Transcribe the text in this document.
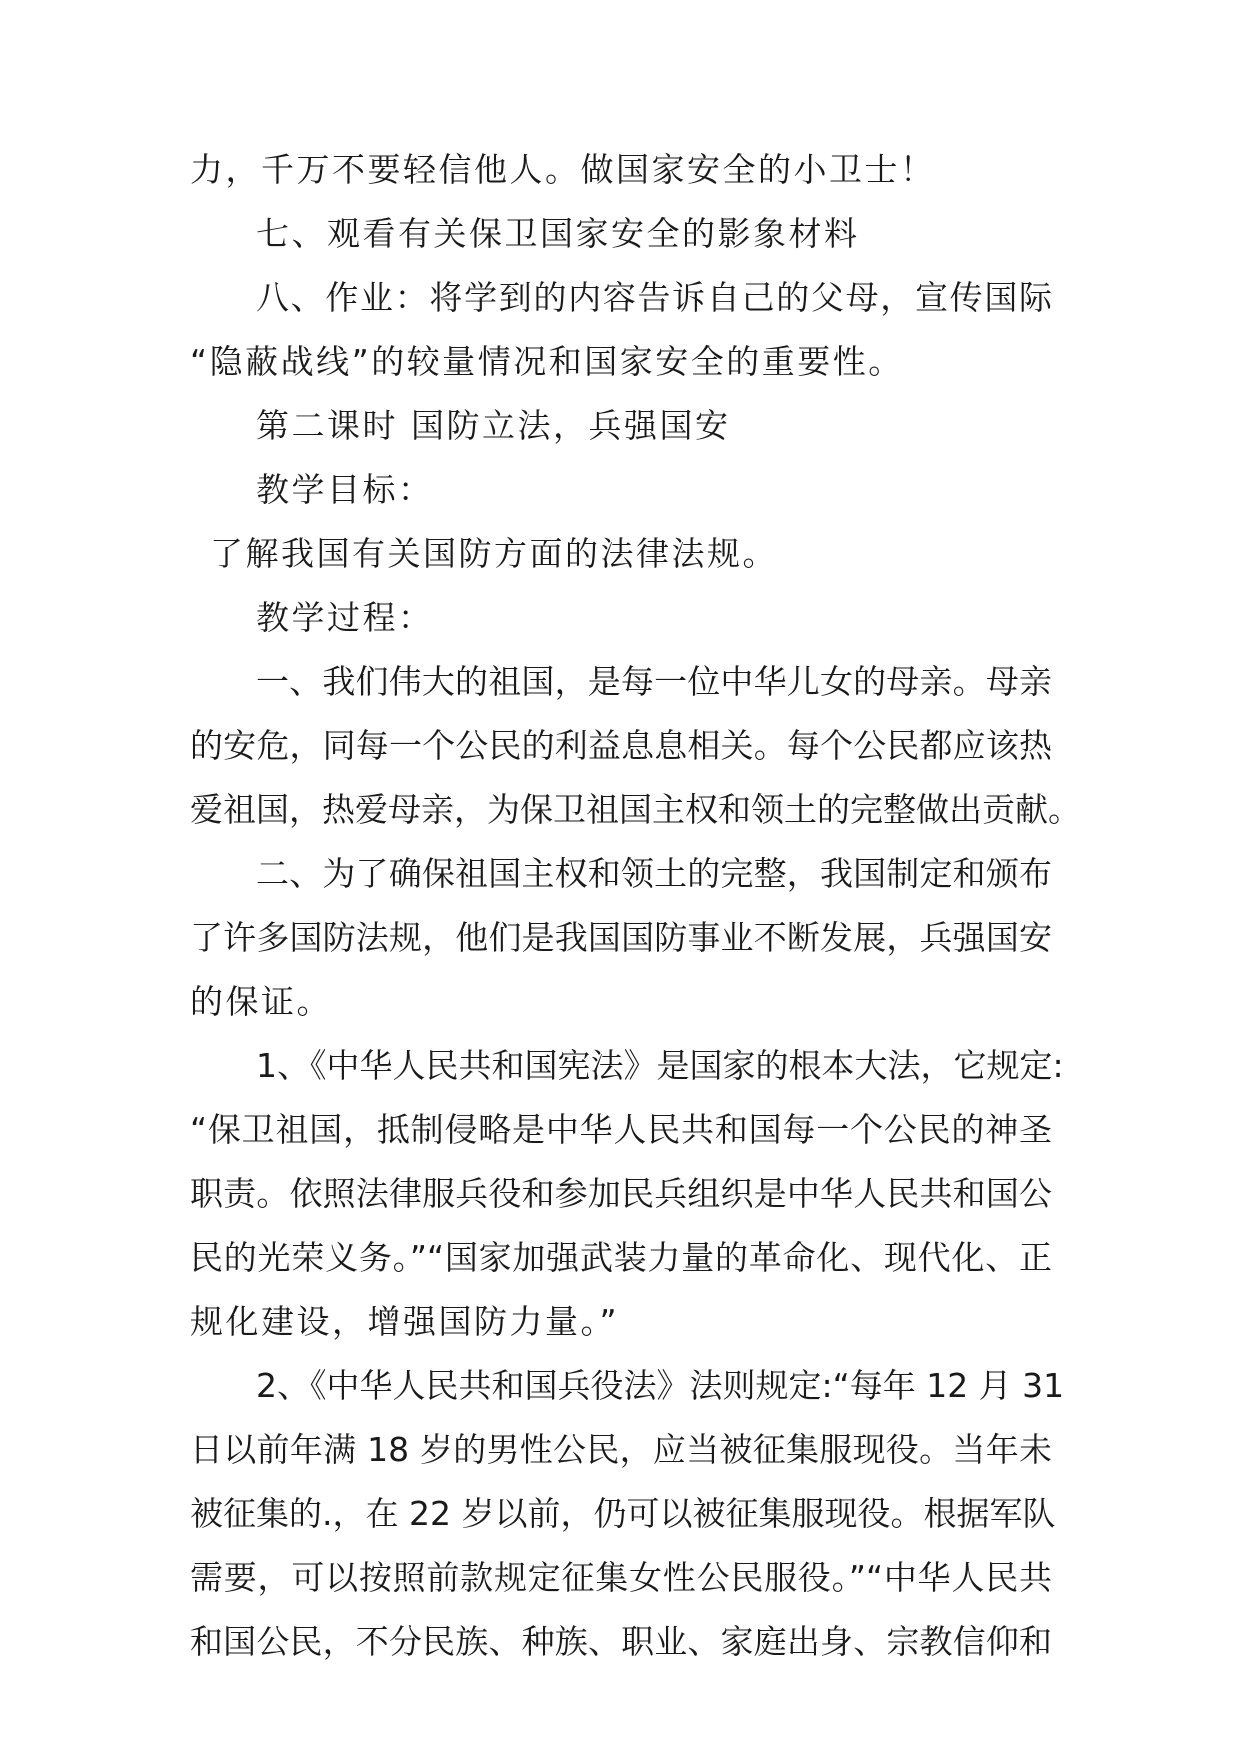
力，千万不要轻信他人。做国家安全的小卫士！
七、观看有关保卫国家安全的影象材料
八、作业：将学到的内容告诉自己的父母，宣传国际
“隐蔽战线”的较量情况和国家安全的重要性。
第二课时 国防立法，兵强国安
教学目标：
了解我国有关国防方面的法律法规。
教学过程：
一、我们伟大的祖国，是每一位中华儿女的母亲。母亲
的安危，同每一个公民的利益息息相关。每个公民都应该热
爱祖国，热爱母亲，为保卫祖国主权和领土的完整做出贡献。
二、为了确保祖国主权和领土的完整，我国制定和颁布
了许多国防法规，他们是我国国防事业不断发展，兵强国安
的保证。
1、《中华人民共和国宪法》是国家的根本大法，它规定:
“保卫祖国，抵制侵略是中华人民共和国每一个公民的神圣
职责。依照法律服兵役和参加民兵组织是中华人民共和国公
民的光荣义务。”“国家加强武装力量的革命化、现代化、正
规化建设，增强国防力量。”
2、《中华人民共和国兵役法》法则规定:“每年 12 月 31
日以前年满 18 岁的男性公民，应当被征集服现役。当年未
被征集的.，在 22 岁以前，仍可以被征集服现役。根据军队
需要，可以按照前款规定征集女性公民服役。”“中华人民共
和国公民，不分民族、种族、职业、家庭出身、宗教信仰和
